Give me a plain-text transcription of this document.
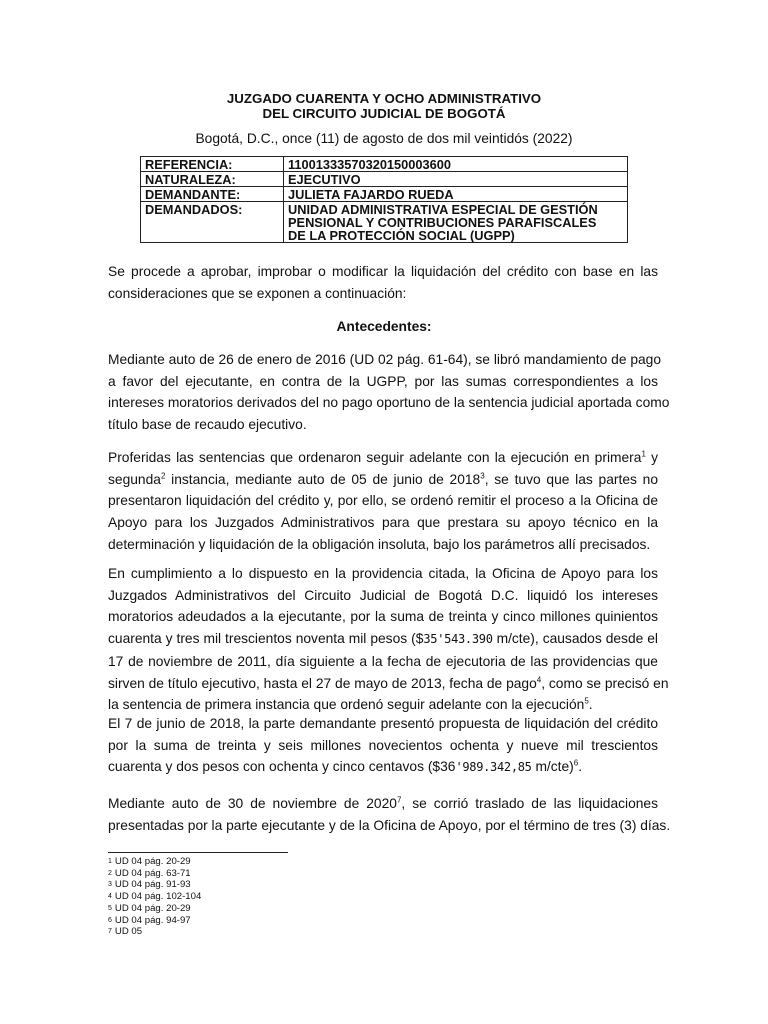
JUZGADO CUARENTA Y OCHO ADMINISTRATIVO
DEL CIRCUITO JUDICIAL DE BOGOTÁ
Bogotá, D.C., once (11) de agosto de dos mil veintidós (2022)
REFERENCIA:	11001333570320150003600

NATURALEZA:	EJECUTIVO

DEMANDANTE:	JULIETA FAJARDO RUEDA

DEMANDADOS:	UNIDAD ADMINISTRATIVA ESPECIAL DE GESTIÓN
PENSIONAL Y CONTRIBUCIONES PARAFISCALES
DE LA PROTECCIÓN SOCIAL (UGPP)
Se procede a aprobar, improbar o modificar la liquidación del crédito con base en las
consideraciones que se exponen a continuación:
Antecedentes:
Mediante auto de 26 de enero de 2016 (UD 02 pág. 61-64), se libró mandamiento de pago
a favor del ejecutante, en contra de la UGPP, por las sumas correspondientes a los
intereses moratorios derivados del no pago oportuno de la sentencia judicial aportada como
título base de recaudo ejecutivo.
Proferidas las sentencias que ordenaron seguir adelante con la ejecución en primera$^1$ y
segunda$^2$ instancia, mediante auto de 05 de junio de 2018$^3$, se tuvo que las partes no
presentaron liquidación del crédito y, por ello, se ordenó remitir el proceso a la Oficina de
Apoyo para los Juzgados Administrativos para que prestara su apoyo técnico en la
determinación y liquidación de la obligación insoluta, bajo los parámetros allí precisados.
En cumplimiento a lo dispuesto en la providencia citada, la Oficina de Apoyo para los
Juzgados Administrativos del Circuito Judicial de Bogotá D.C. liquidó los intereses
moratorios adeudados a la ejecutante, por la suma de treinta y cinco millones quinientos
cuarenta y tres mil trescientos noventa mil pesos ($35'543.390 m/cte), causados desde el
17 de noviembre de 2011, día siguiente a la fecha de ejecutoria de las providencias que
sirven de título ejecutivo, hasta el 27 de mayo de 2013, fecha de pago$^4$, como se precisó en
la sentencia de primera instancia que ordenó seguir adelante con la ejecución$^5$.
El 7 de junio de 2018, la parte demandante presentó propuesta de liquidación del crédito
por la suma de treinta y seis millones novecientos ochenta y nueve mil trescientos
cuarenta y dos pesos con ochenta y cinco centavos ($36'989.342,85 m/cte)$^6$.
Mediante auto de 30 de noviembre de 2020$^7$, se corrió traslado de las liquidaciones
presentadas por la parte ejecutante y de la Oficina de Apoyo, por el término de tres (3) días.
$^1$ UD 04 pág. 20-29
$^2$ UD 04 pág. 63-71
$^3$ UD 04 pág. 91-93
$^4$ UD 04 pág. 102-104
$^5$ UD 04 pág. 20-29
$^6$ UD 04 pág. 94-97
$^7$ UD 05
